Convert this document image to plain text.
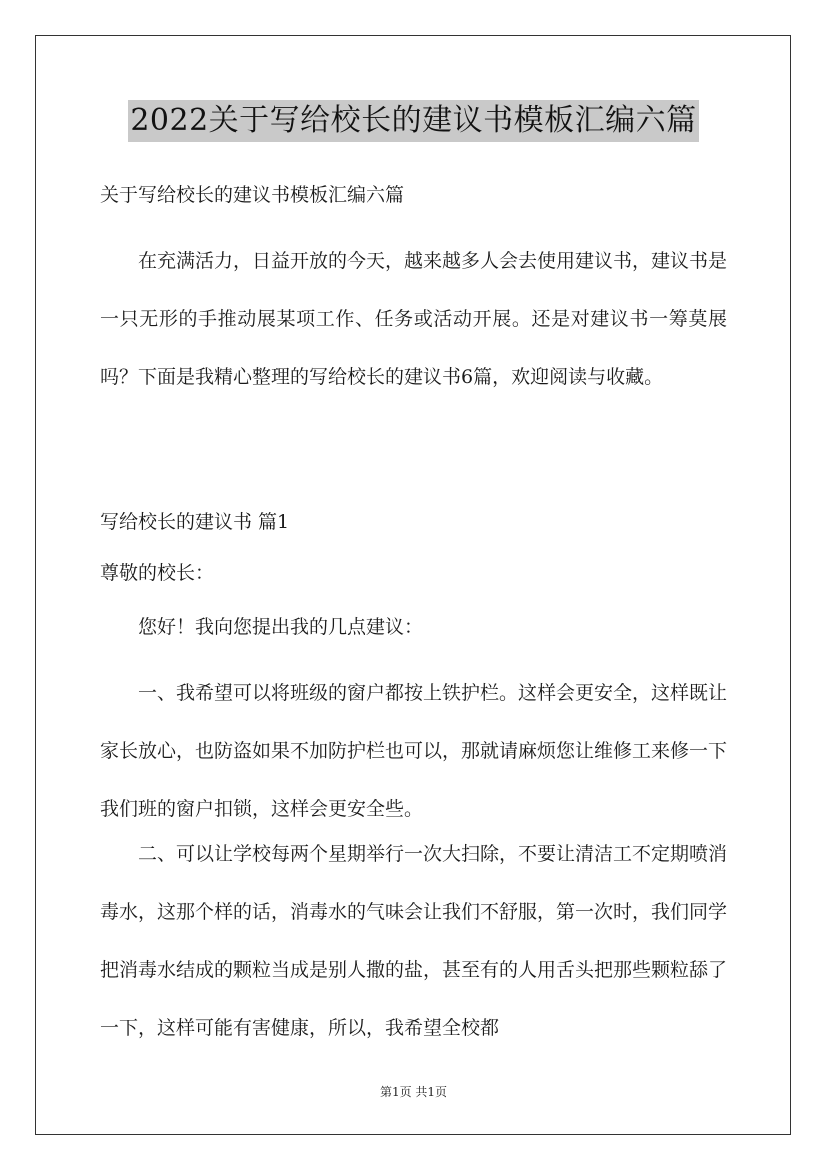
2022关于写给校长的建议书模板汇编六篇

关于写给校长的建议书模板汇编六篇

在充满活力，日益开放的今天，越来越多人会去使用建议书，建议书是一只无形的手推动展某项工作、任务或活动开展。还是对建议书一筹莫展吗？下面是我精心整理的写给校长的建议书6篇，欢迎阅读与收藏。

写给校长的建议书 篇1

尊敬的校长：

您好！我向您提出我的几点建议：

一、我希望可以将班级的窗户都按上铁护栏。这样会更安全，这样既让家长放心，也防盗如果不加防护栏也可以，那就请麻烦您让维修工来修一下我们班的窗户扣锁，这样会更安全些。

二、可以让学校每两个星期举行一次大扫除，不要让清洁工不定期喷消毒水，这那个样的话，消毒水的气味会让我们不舒服，第一次时，我们同学把消毒水结成的颗粒当成是别人撒的盐，甚至有的人用舌头把那些颗粒舔了一下，这样可能有害健康，所以，我希望全校都

第1页 共1页
